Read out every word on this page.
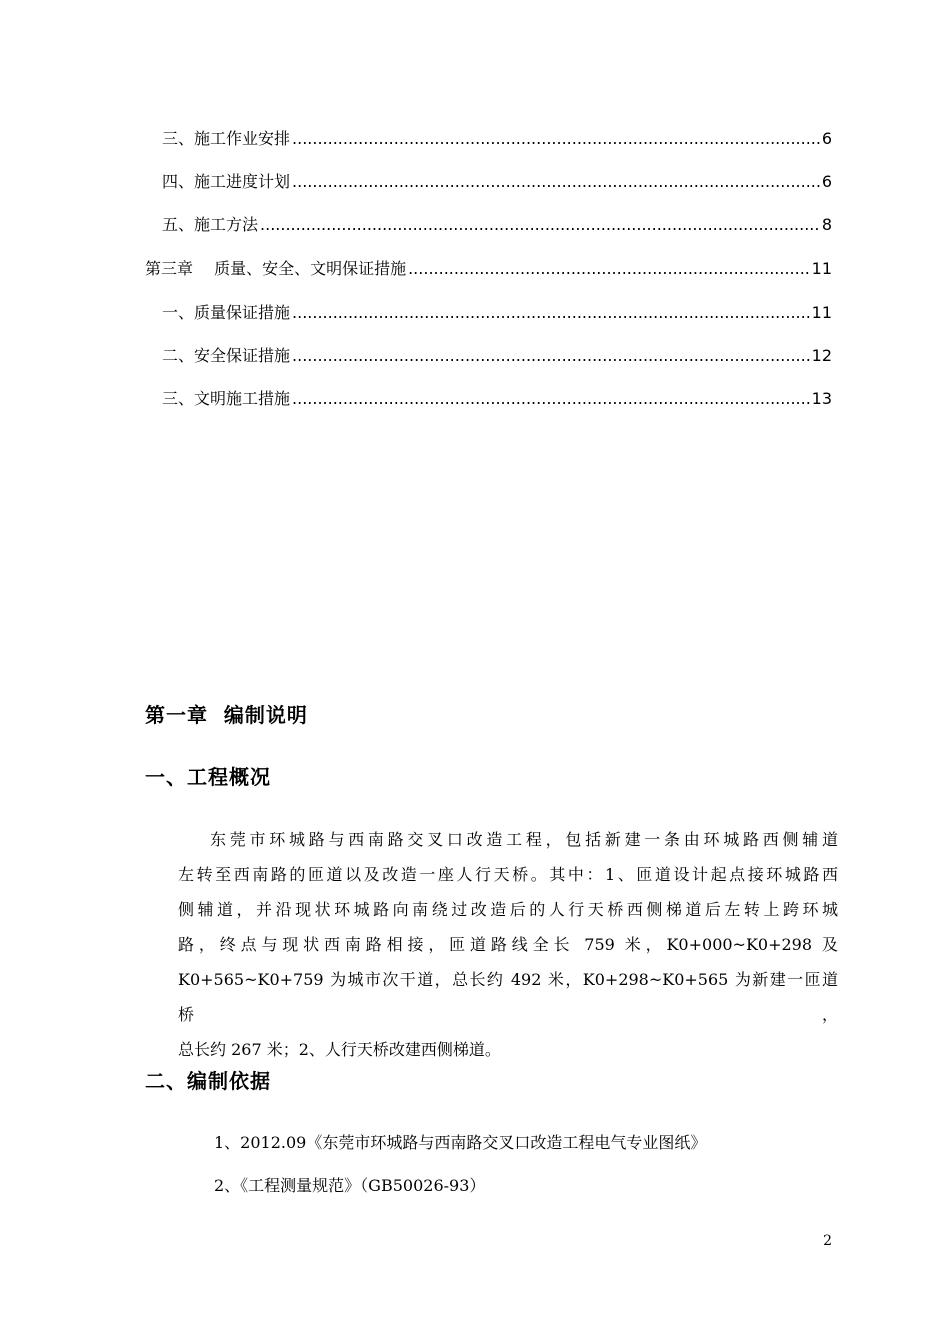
三、施工作业安排 .....	6
四、施工进度计划 .....	6
五、施工方法 .....	8
第三章　 质量、安全、文明保证措施 .....	11
一、质量保证措施 .....	11
二、安全保证措施 .....	12
三、文明施工措施 .....	13
第一章  编制说明
一、工程概况
东莞市环城路与西南路交叉口改造工程，包括新建一条由环城路西侧辅道
左转至西南路的匝道以及改造一座人行天桥。其中：1、匝道设计起点接环城路西
侧辅道，并沿现状环城路向南绕过改造后的人行天桥西侧梯道后左转上跨环城
路，终点与现状西南路相接，匝道路线全长 759 米，K0+000~K0+298 及
K0+565~K0+759 为城市次干道，总长约 492 米，K0+298~K0+565 为新建一匝道桥，
总长约 267 米；2、人行天桥改建西侧梯道。
二、编制依据
1、2012.09《东莞市环城路与西南路交叉口改造工程电气专业图纸》
2、《工程测量规范》（GB50026-93）
2
